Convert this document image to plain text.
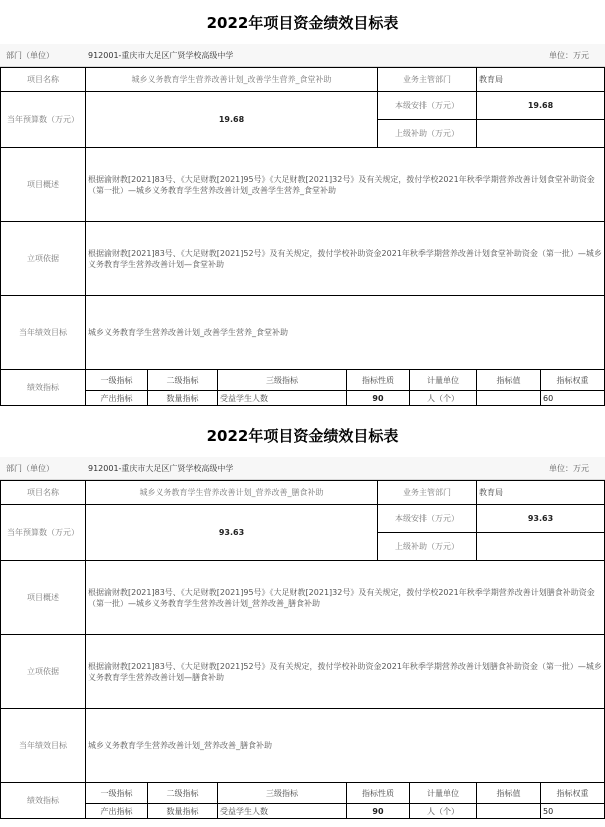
2022年项目资金绩效目标表
部门（单位）	912001-重庆市大足区广贤学校高级中学	单位：万元
项目名称	城乡义务教育学生营养改善计划_改善学生营养_食堂补助				业务主管部门		教育局	
当年预算数（万元）	19.68				本级安排（万元）		19.68	
					上级补助（万元）			
项目概述	根据渝财教[2021]83号、《大足财教[2021]95号》《大足财教[2021]32号》及有关规定，拨付学校2021年秋季学期营养改善计划食堂补助资金（第一批）—城乡义务教育学生营养改善计划_改善学生营养_食堂补助							
立项依据	根据渝财教[2021]83号、《大足财教[2021]52号》及有关规定，拨付学校补助资金2021年秋季学期营养改善计划食堂补助资金（第一批）—城乡义务教育学生营养改善计划—食堂补助							
当年绩效目标	城乡义务教育学生营养改善计划_改善学生营养_食堂补助							
绩效指标	一级指标	二级指标	三级指标	指标性质		计量单位	指标值	指标权重
	产出指标	数量指标	受益学生人数	90		人（个）		60
2022年项目资金绩效目标表
部门（单位）	912001-重庆市大足区广贤学校高级中学	单位：万元
项目名称	城乡义务教育学生营养改善计划_营养改善_膳食补助				业务主管部门		教育局	
当年预算数（万元）	93.63				本级安排（万元）		93.63	
					上级补助（万元）			
项目概述	根据渝财教[2021]83号、《大足财教[2021]95号》《大足财教[2021]32号》及有关规定，拨付学校2021年秋季学期营养改善计划膳食补助资金（第一批）—城乡义务教育学生营养改善计划_营养改善_膳食补助							
立项依据	根据渝财教[2021]83号、《大足财教[2021]52号》及有关规定，拨付学校补助资金2021年秋季学期营养改善计划膳食补助资金（第一批）—城乡义务教育学生营养改善计划—膳食补助							
当年绩效目标	城乡义务教育学生营养改善计划_营养改善_膳食补助							
绩效指标	一级指标	二级指标	三级指标	指标性质		计量单位	指标值	指标权重
	产出指标	数量指标	受益学生人数	90		人（个）		50
